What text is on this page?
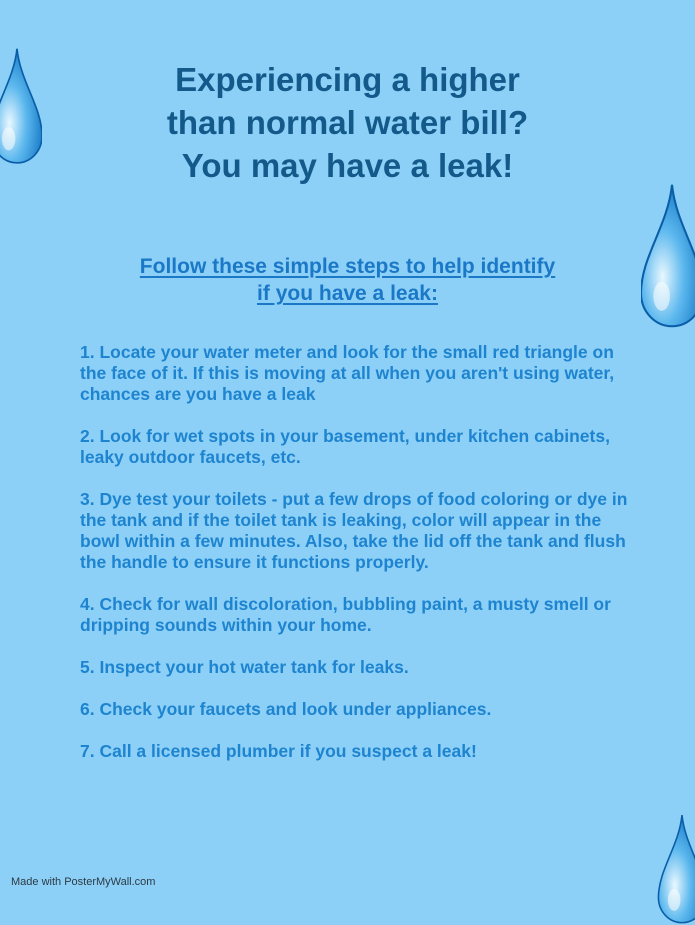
Experiencing a higher
than normal water bill?
You may have a leak!
Follow these simple steps to help identify
if you have a leak:
1. Locate your water meter and look for the small red triangle on the face of it. If this is moving at all when you aren't using water, chances are you have a leak
2. Look for wet spots in your basement, under kitchen cabinets, leaky outdoor faucets, etc.
3. Dye test your toilets - put a few drops of food coloring or dye in the tank and if the toilet tank is leaking, color will appear in the bowl within a few minutes. Also, take the lid off the tank and flush the handle to ensure it functions properly.
4. Check for wall discoloration, bubbling paint, a musty smell or dripping sounds within your home.
5. Inspect your hot water tank for leaks.
6. Check your faucets and look under appliances.
7. Call a licensed plumber if you suspect a leak!
Made with PosterMyWall.com
